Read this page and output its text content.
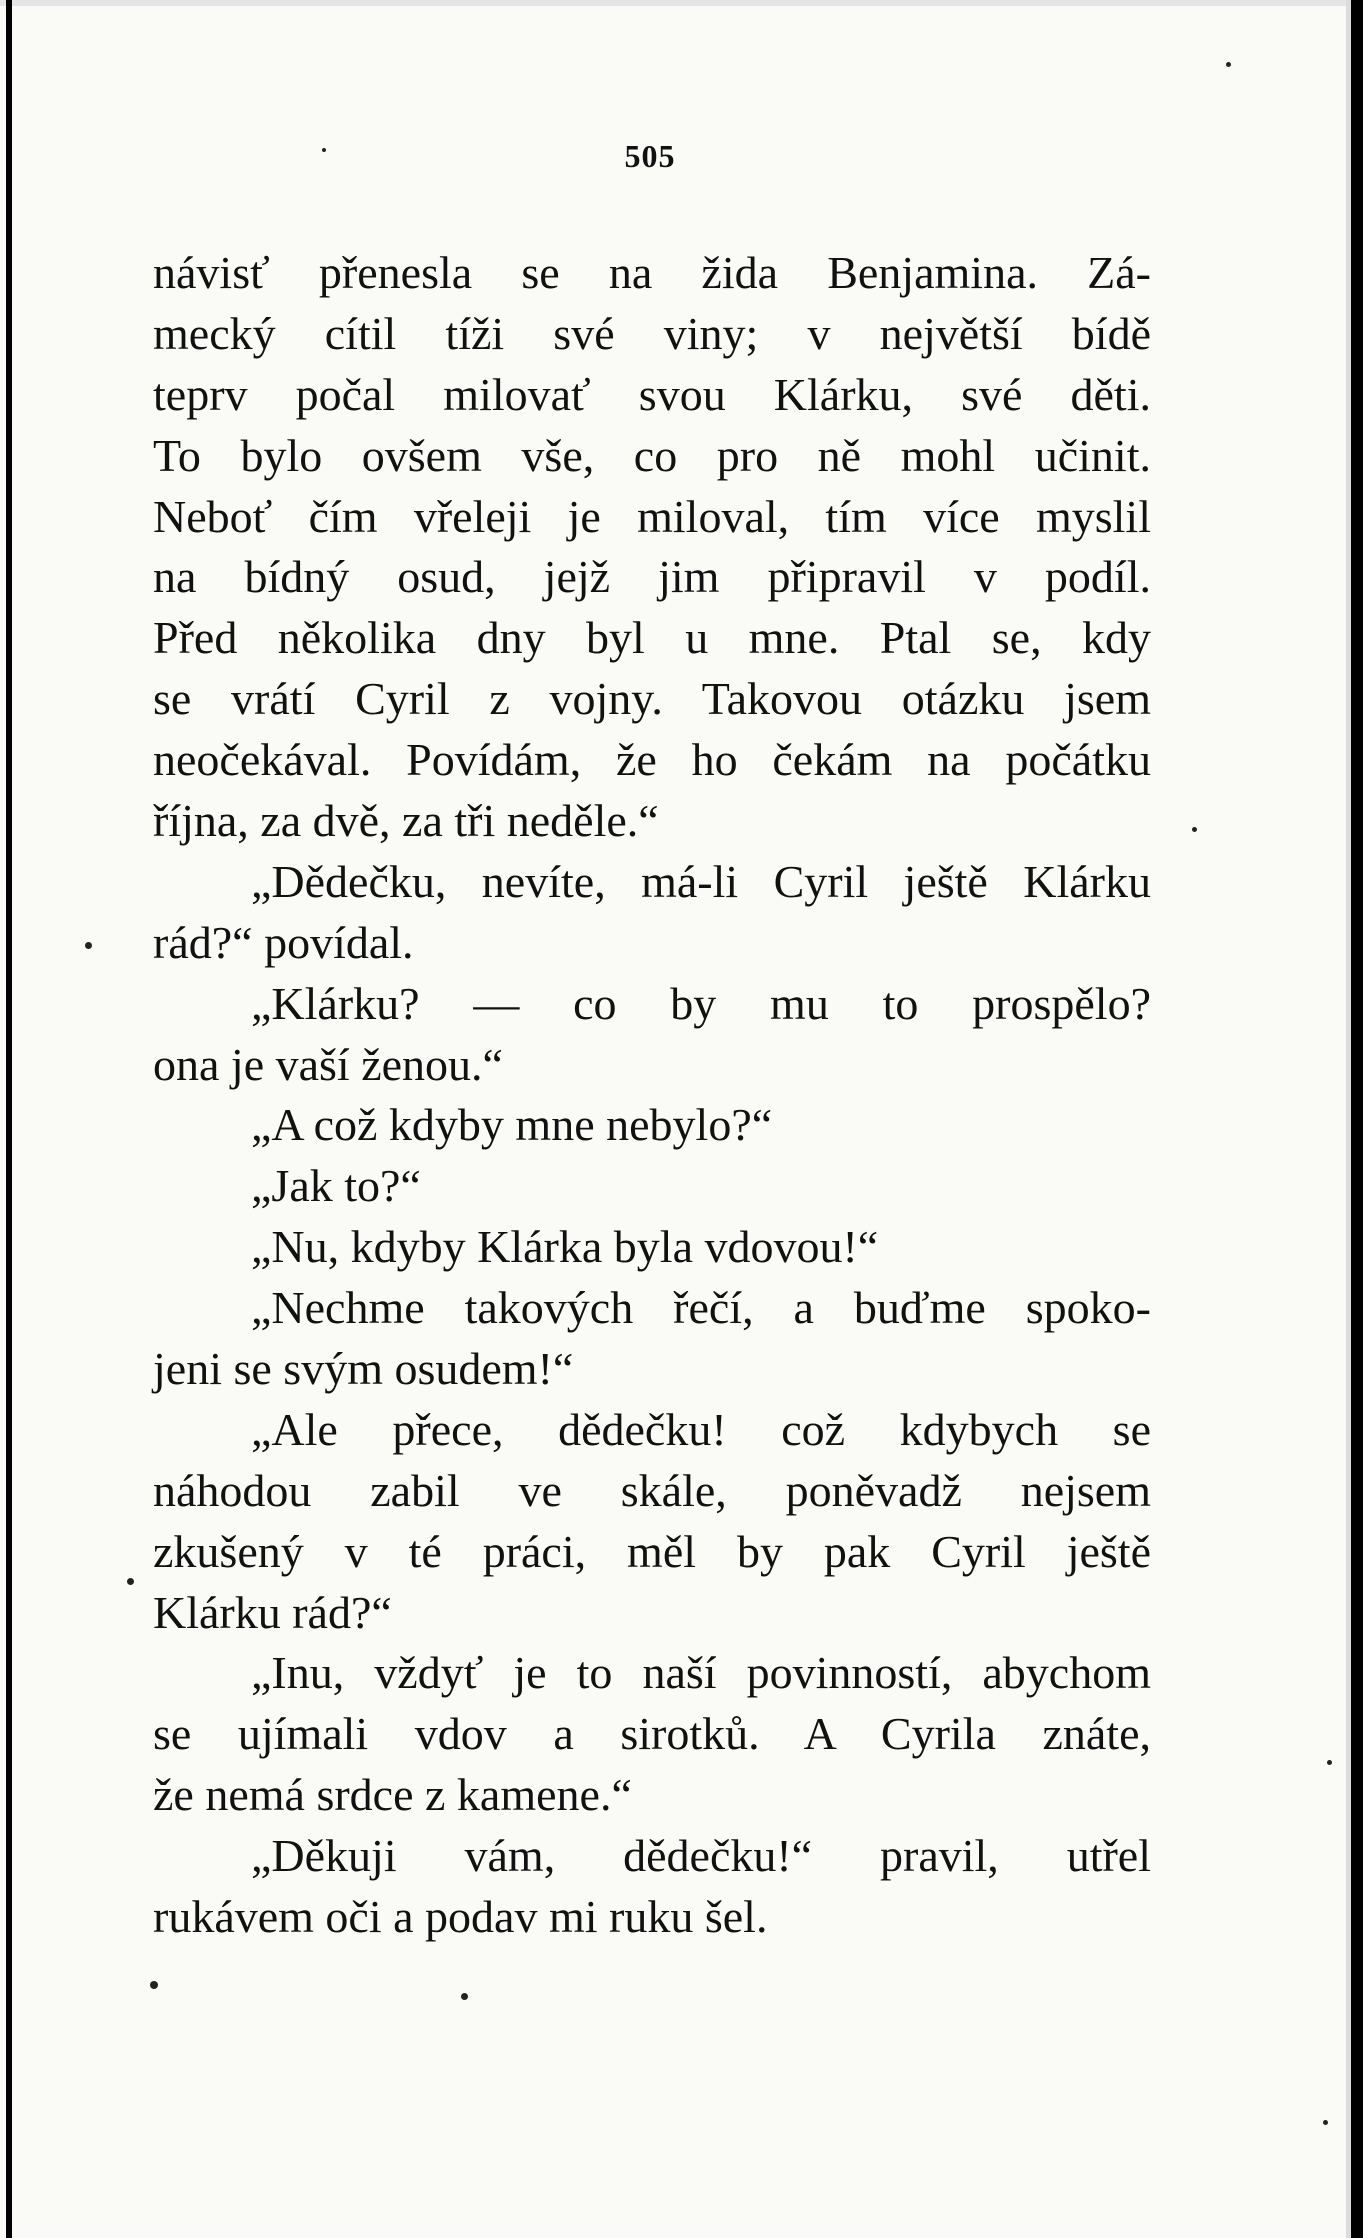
505
návisť přenesla se na žida Benjamina. Zá-
mecký cítil tíži své viny; v největší bídě
teprv počal milovať svou Klárku, své děti.
To bylo ovšem vše, co pro ně mohl učinit.
Neboť čím vřeleji je miloval, tím více myslil
na bídný osud, jejž jim připravil v podíl.
Před několika dny byl u mne. Ptal se, kdy
se vrátí Cyril z vojny. Takovou otázku jsem
neočekával. Povídám, že ho čekám na počátku
října, za dvě, za tři neděle.“
„Dědečku, nevíte, má-li Cyril ještě Klárku
rád?“ povídal.
„Klárku? — co by mu to prospělo?
ona je vaší ženou.“
„A což kdyby mne nebylo?“
„Jak to?“
„Nu, kdyby Klárka byla vdovou!“
„Nechme takových řečí, a buďme spoko-
jeni se svým osudem!“
„Ale přece, dědečku! což kdybych se
náhodou zabil ve skále, poněvadž nejsem
zkušený v té práci, měl by pak Cyril ještě
Klárku rád?“
„Inu, vždyť je to naší povinností, abychom
se ujímali vdov a sirotků. A Cyrila znáte,
že nemá srdce z kamene.“
„Děkuji vám, dědečku!“ pravil, utřel
rukávem oči a podav mi ruku šel.
